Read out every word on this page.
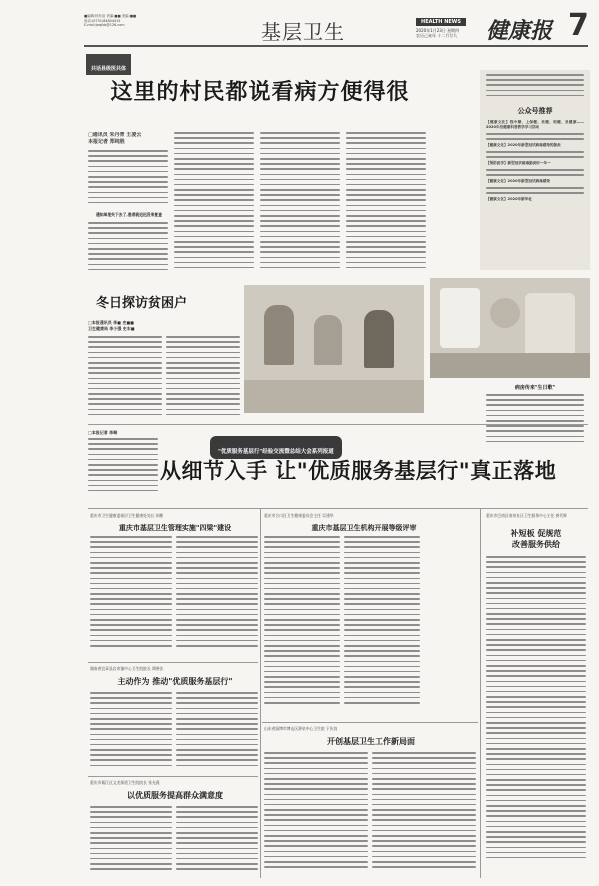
■编辑:杨东治 责编:■■ 美编:■■
电话:(0731)84804415
E-mail:jswjkb@126.com	基层卫生	HEALTH NEWS
2020年1月23日 星期四
农历己亥年 十二月廿九	健康报 7
共话县级医共体
这里的村民都说看病方便得很
□通讯员 朱丹青 王凌云
本报记者 郑纯胜
通知单里失下去了,患者就迟迟没来复查
公众号推荐
【健康文化】钱中顺、上保健、县健、和健、县健康——2020年县健康科普教学学习活动
【健康文化】2020年新型冠状病毒感染的肺炎
【预防医学】新型冠状病毒肺炎时一年一
【健康文化】2020年新型冠状病毒感染
【健康文化】2020年新华社
病房传来"生日歌"
冬日探访贫困户
□本报通讯员 李■ 史■■
卫生健康局 李小强 史丰■
□本报记者 李琳
"优质服务基层行"经验交流暨总结大会系列报道
从细节入手 让"优质服务基层行"真正落地
重庆市卫生健康委基层卫生健康处处长 胡彬
重庆市基层卫生管理实施"四梁"建设
重庆市合川区卫生健康委员会主任 吴建华
重庆市基层卫生机构开展等级评审
重庆市巴南区南泉社区卫生服务中心主任 龚代辉
补短板 促规范
改善服务供给
湖南省宜章县岩泉镇中心卫生院院长 谭善法
主动作为 推动"优质服务基层行"
山东省淄博市博山区源泉中心卫生院 于庆良
开创基层卫生工作新局面
重庆市綦江区文龙街道卫生院院长 张光燕
以优质服务提高群众满意度
